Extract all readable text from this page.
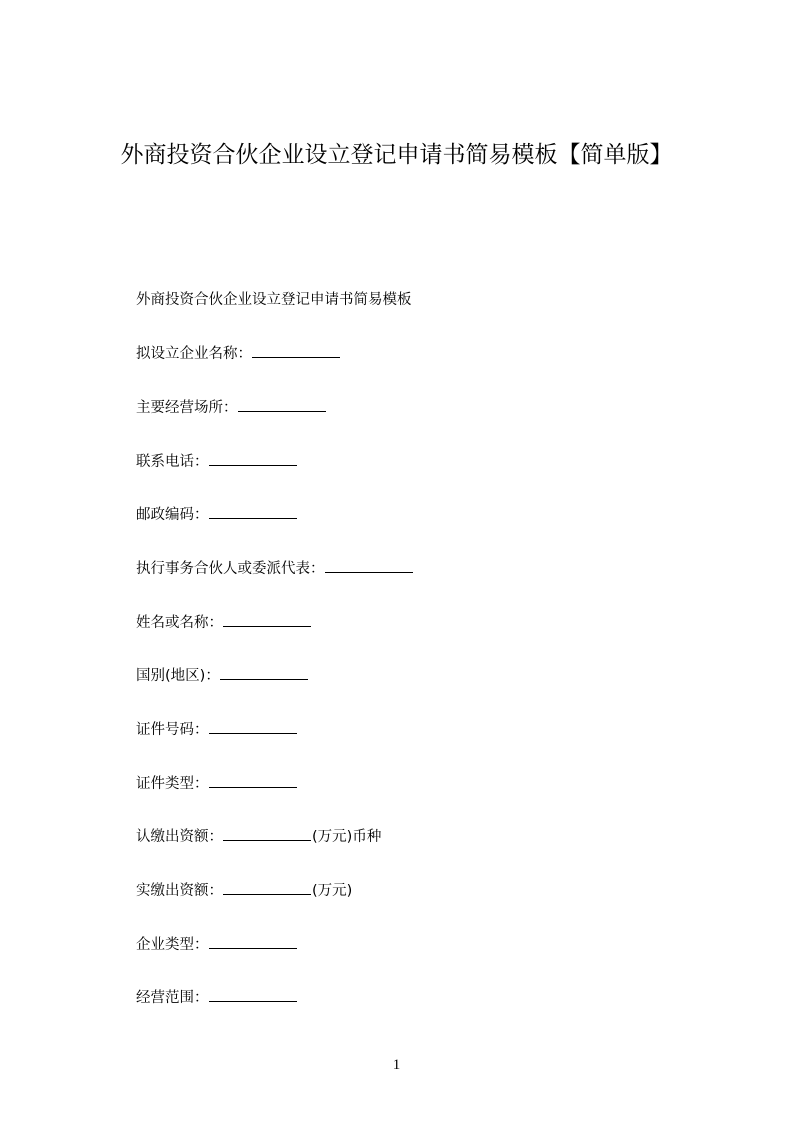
外商投资合伙企业设立登记申请书简易模板【简单版】
外商投资合伙企业设立登记申请书简易模板
拟设立企业名称：
主要经营场所：
联系电话：
邮政编码：
执行事务合伙人或委派代表：
姓名或名称：
国别(地区)：
证件号码：
证件类型：
认缴出资额：	(万元)币种
实缴出资额：	(万元)
企业类型：
经营范围：
1
